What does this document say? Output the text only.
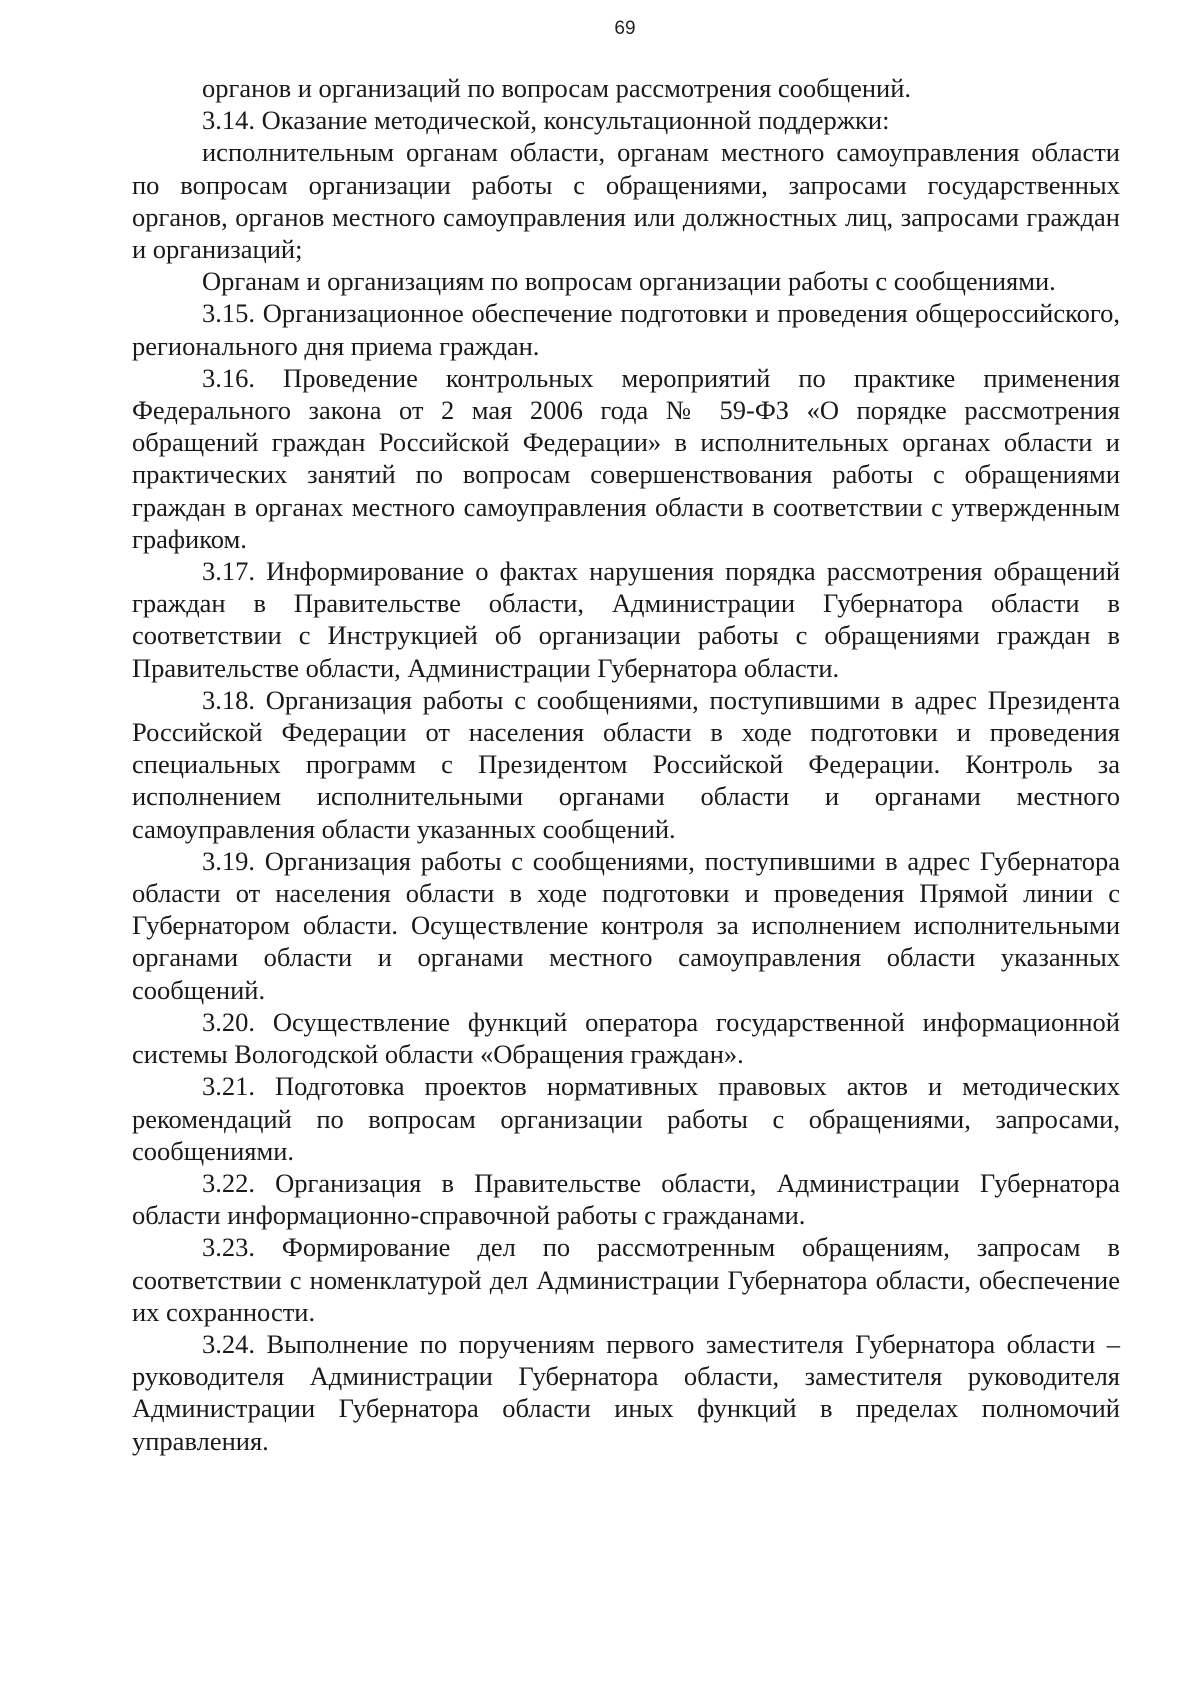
69

органов и организаций по вопросам рассмотрения сообщений.

3.14. Оказание методической, консультационной поддержки:

исполнительным органам области, органам местного самоуправления области по вопросам организации работы с обращениями, запросами государственных органов, органов местного самоуправления или должностных лиц, запросами граждан и организаций;

Органам и организациям по вопросам организации работы с сообщениями.

3.15. Организационное обеспечение подготовки и проведения общероссийского, регионального дня приема граждан.

3.16. Проведение контрольных мероприятий по практике применения Федерального закона от 2 мая 2006 года № 59-ФЗ «О порядке рассмотрения обращений граждан Российской Федерации» в исполнительных органах области и практических занятий по вопросам совершенствования работы с обращениями граждан в органах местного самоуправления области в соответствии с утвержденным графиком.

3.17. Информирование о фактах нарушения порядка рассмотрения обращений граждан в Правительстве области, Администрации Губернатора области в соответствии с Инструкцией об организации работы с обращениями граждан в Правительстве области, Администрации Губернатора области.

3.18. Организация работы с сообщениями, поступившими в адрес Президента Российской Федерации от населения области в ходе подготовки и проведения специальных программ с Президентом Российской Федерации. Контроль за исполнением исполнительными органами области и органами местного самоуправления области указанных сообщений.

3.19. Организация работы с сообщениями, поступившими в адрес Губернатора области от населения области в ходе подготовки и проведения Прямой линии с Губернатором области. Осуществление контроля за исполнением исполнительными органами области и органами местного самоуправления области указанных сообщений.

3.20. Осуществление функций оператора государственной информационной системы Вологодской области «Обращения граждан».

3.21. Подготовка проектов нормативных правовых актов и методических рекомендаций по вопросам организации работы с обращениями, запросами, сообщениями.

3.22. Организация в Правительстве области, Администрации Губернатора области информационно-справочной работы с гражданами.

3.23. Формирование дел по рассмотренным обращениям, запросам в соответствии с номенклатурой дел Администрации Губернатора области, обеспечение их сохранности.

3.24. Выполнение по поручениям первого заместителя Губернатора области – руководителя Администрации Губернатора области, заместителя руководителя Администрации Губернатора области иных функций в пределах полномочий управления.
